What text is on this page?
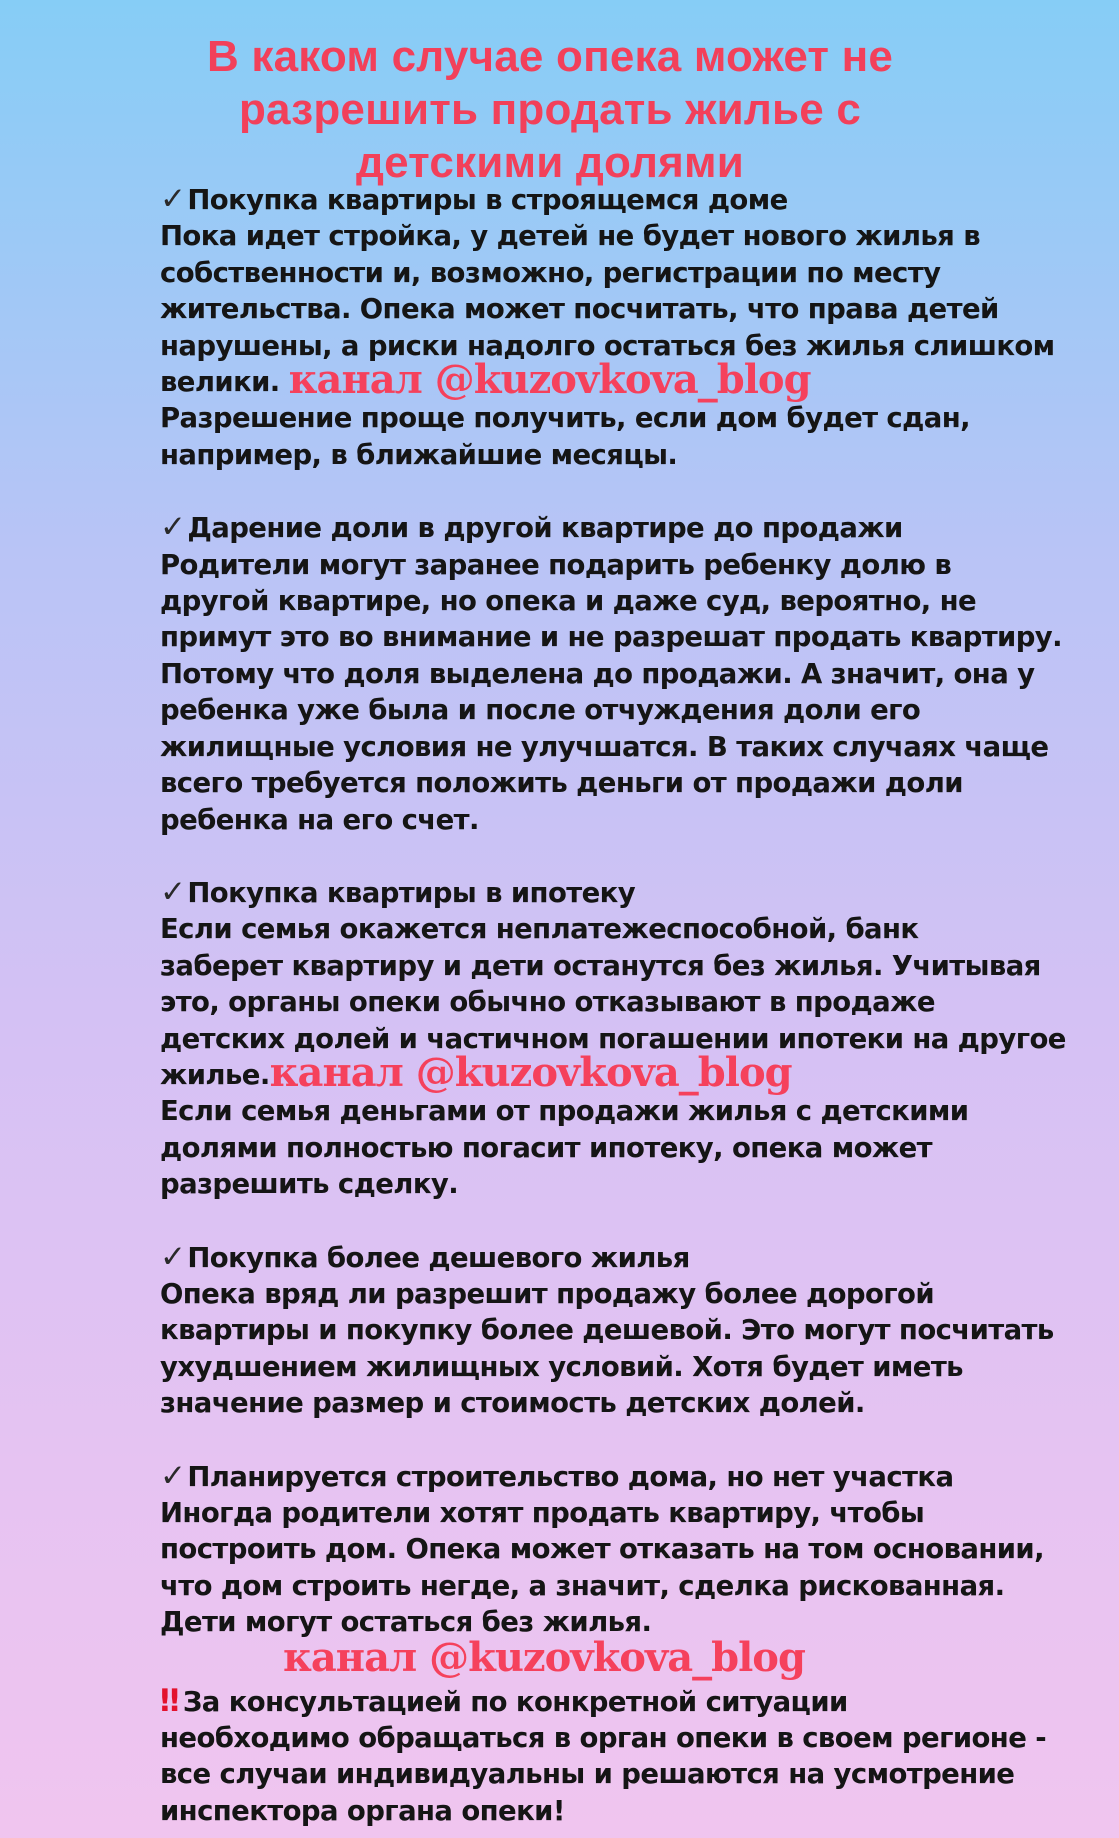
В каком случае опека может не
разрешить продать жилье с
детскими долями
✓Покупка квартиры в строящемся доме
Пока идет стройка, у детей не будет нового жилья в
собственности и, возможно, регистрации по месту
жительства. Опека может посчитать, что права детей
нарушены, а риски надолго остаться без жилья слишком
велики. канал @kuzovkova_blog
Разрешение проще получить, если дом будет сдан,
например, в ближайшие месяцы.
✓Дарение доли в другой квартире до продажи
Родители могут заранее подарить ребенку долю в
другой квартире, но опека и даже суд, вероятно, не
примут это во внимание и не разрешат продать квартиру.
Потому что доля выделена до продажи. А значит, она у
ребенка уже была и после отчуждения доли его
жилищные условия не улучшатся. В таких случаях чаще
всего требуется положить деньги от продажи доли
ребенка на его счет.
✓Покупка квартиры в ипотеку
Если семья окажется неплатежеспособной, банк
заберет квартиру и дети останутся без жилья. Учитывая
это, органы опеки обычно отказывают в продаже
детских долей и частичном погашении ипотеки на другое
жилье.канал @kuzovkova_blog
Если семья деньгами от продажи жилья с детскими
долями полностью погасит ипотеку, опека может
разрешить сделку.
✓Покупка более дешевого жилья
Опека вряд ли разрешит продажу более дорогой
квартиры и покупку более дешевой. Это могут посчитать
ухудшением жилищных условий. Хотя будет иметь
значение размер и стоимость детских долей.
✓Планируется строительство дома, но нет участка
Иногда родители хотят продать квартиру, чтобы
построить дом. Опека может отказать на том основании,
что дом строить негде, а значит, сделка рискованная.
Дети могут остаться без жилья.
канал @kuzovkova_blog
‼ За консультацией по конкретной ситуации
необходимо обращаться в орган опеки в своем регионе -
все случаи индивидуальны и решаются на усмотрение
инспектора органа опеки!
